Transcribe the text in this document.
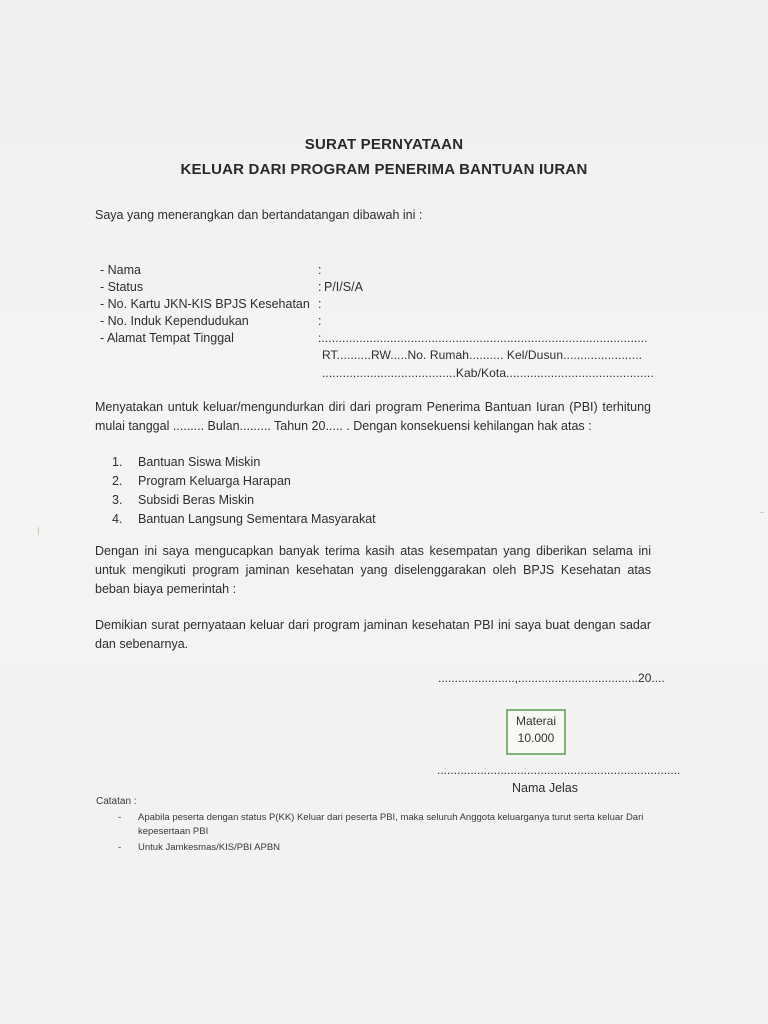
SURAT PERNYATAAN
KELUAR DARI PROGRAM PENERIMA BANTUAN IURAN

Saya yang menerangkan dan bertandatangan dibawah ini :

- Nama	:
- Status	: P/I/S/A
- No. Kartu JKN-KIS BPJS Kesehatan :
- No. Induk Kependudukan	:
- Alamat Tempat Tinggal	:...............................................................................................
RT..........RW.....No. Rumah.......... Kel/Dusun.......................
.......................................Kab/Kota...........................................

Menyatakan untuk keluar/mengundurkan diri dari program Penerima Bantuan Iuran (PBI) terhitung mulai tanggal ......... Bulan......... Tahun 20..... . Dengan konsekuensi kehilangan hak atas :

1. Bantuan Siswa Miskin
2. Program Keluarga Harapan
3. Subsidi Beras Miskin
4. Bantuan Langsung Sementara Masyarakat

Dengan ini saya mengucapkan banyak terima kasih atas kesempatan yang diberikan selama ini untuk mengikuti program jaminan kesehatan yang diselenggarakan oleh BPJS Kesehatan atas beban biaya pemerintah :

Demikian surat pernyataan keluar dari program jaminan kesehatan PBI ini saya buat dengan sadar dan sebenarnya.

.......................,....................................20....
Materai
10.000
.........................................................................
Nama Jelas
Catatan :
- Apabila peserta dengan status P(KK) Keluar dari peserta PBI, maka seluruh Anggota keluarganya turut serta keluar Dari kepesertaan PBI
- Untuk Jamkesmas/KIS/PBI APBN
